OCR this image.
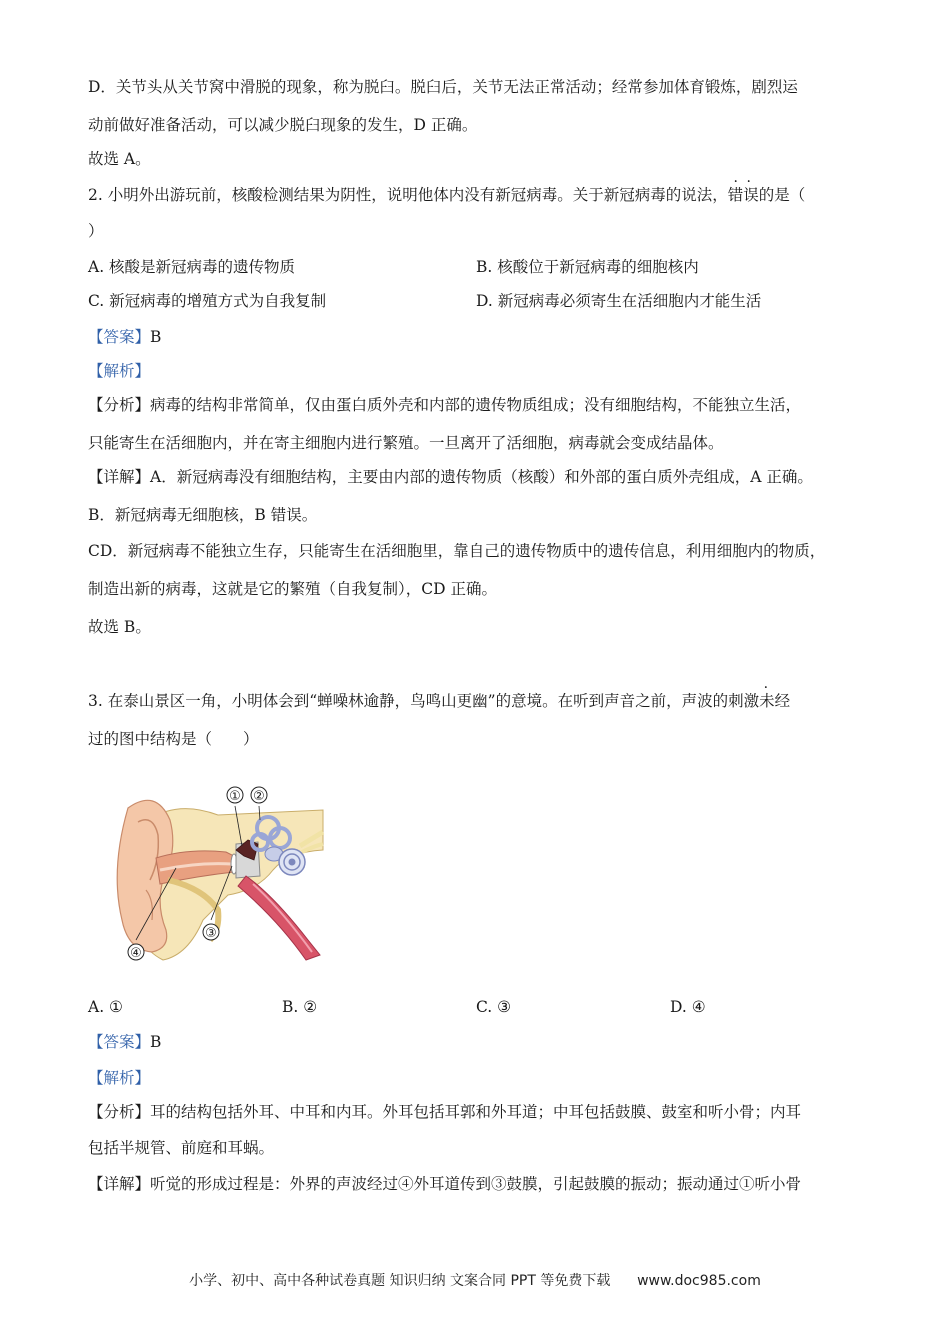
D．关节头从关节窝中滑脱的现象，称为脱臼。脱臼后，关节无法正常活动；经常参加体育锻炼，剧烈运
动前做好准备活动，可以减少脱臼现象的发生，D 正确。
故选 A。
2. 小明外出游玩前，核酸检测结果为阴性，说明他体内没有新冠病毒。关于新冠病毒的说法，· · 错误的是（
）
A. 核酸是新冠病毒的遗传物质	B. 核酸位于新冠病毒的细胞核内
C. 新冠病毒的增殖方式为自我复制	D. 新冠病毒必须寄生在活细胞内才能生活
【答案】B
【解析】
【分析】病毒的结构非常简单，仅由蛋白质外壳和内部的遗传物质组成；没有细胞结构，不能独立生活，
只能寄生在活细胞内，并在寄主细胞内进行繁殖。一旦离开了活细胞，病毒就会变成结晶体。
【详解】A．新冠病毒没有细胞结构，主要由内部的遗传物质（核酸）和外部的蛋白质外壳组成，A 正确。
B．新冠病毒无细胞核，B 错误。
CD．新冠病毒不能独立生存，只能寄生在活细胞里，靠自己的遗传物质中的遗传信息，利用细胞内的物质，
制造出新的病毒，这就是它的繁殖（自我复制），CD 正确。
故选 B。
3. 在泰山景区一角，小明体会到“蝉噪林逾静，鸟鸣山更幽”的意境。在听到声音之前，声波的刺激未经
过的图中结构是（　　）
① ②
③
④
A. ①	B. ②	C. ③	D. ④
【答案】B
【解析】
【分析】耳的结构包括外耳、中耳和内耳。外耳包括耳郭和外耳道；中耳包括鼓膜、鼓室和听小骨；内耳
包括半规管、前庭和耳蜗。
【详解】听觉的形成过程是：外界的声波经过④外耳道传到③鼓膜，引起鼓膜的振动；振动通过①听小骨
小学、初中、高中各种试卷真题 知识归纳 文案合同 PPT 等免费下载 www.doc985.com
